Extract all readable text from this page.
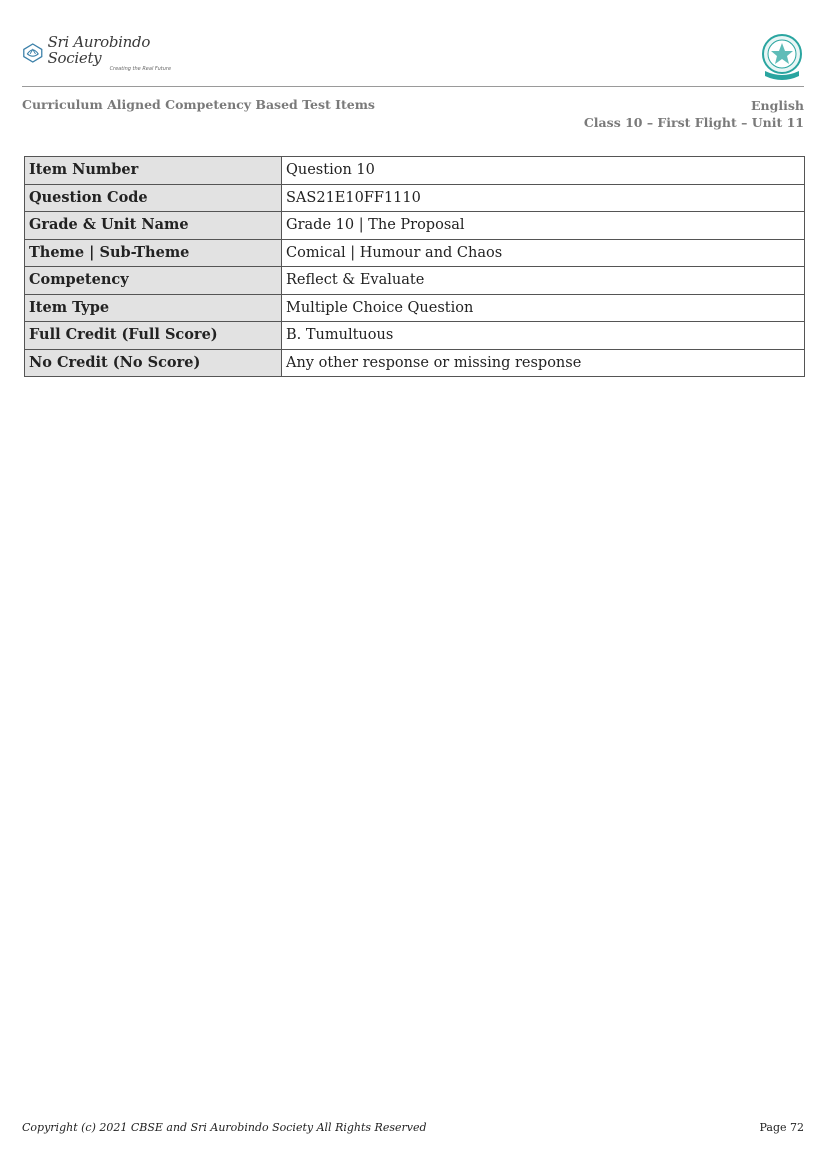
Sri Aurobindo Society
Creating the Real Future
Curriculum Aligned Competency Based Test Items	English
Class 10 – First Flight – Unit 11
Item Number	Question 10
Question Code	SAS21E10FF1110
Grade & Unit Name	Grade 10 | The Proposal
Theme | Sub-Theme	Comical | Humour and Chaos
Competency	Reflect & Evaluate
Item Type	Multiple Choice Question
Full Credit (Full Score)	B. Tumultuous
No Credit (No Score)	Any other response or missing response
Copyright (c) 2021 CBSE and Sri Aurobindo Society All Rights Reserved	Page 72
